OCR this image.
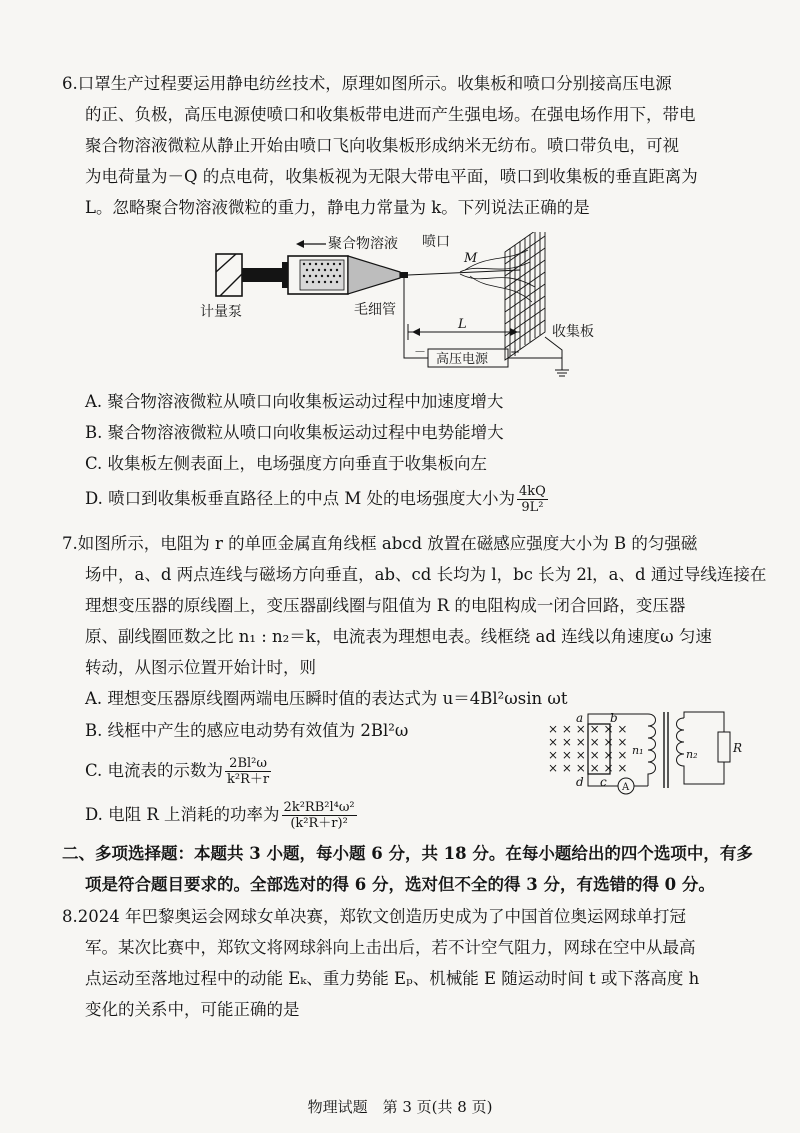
6.口罩生产过程要运用静电纺丝技术，原理如图所示。收集板和喷口分别接高压电源
的正、负极，高压电源使喷口和收集板带电进而产生强电场。在强电场作用下，带电
聚合物溶液微粒从静止开始由喷口飞向收集板形成纳米无纺布。喷口带负电，可视
为电荷量为－Q 的点电荷，收集板视为无限大带电平面，喷口到收集板的垂直距离为
L。忽略聚合物溶液微粒的重力，静电力常量为 k。下列说法正确的是
计量泵
聚合物溶液 喷口
毛细管
M
L	收集板
高压电源
－	+
A. 聚合物溶液微粒从喷口向收集板运动过程中加速度增大
B. 聚合物溶液微粒从喷口向收集板运动过程中电势能增大
C. 收集板左侧表面上，电场强度方向垂直于收集板向左
D. 喷口到收集板垂直路径上的中点 M 处的电场强度大小为 $\frac{4kQ}{\text{9L²}}$
7.如图所示，电阻为 r 的单匝金属直角线框 abcd 放置在磁感应强度大小为 B 的匀强磁
场中，a、d 两点连线与磁场方向垂直，ab、cd 长均为 l，bc 长为 2l，a、d 通过导线连接在
理想变压器的原线圈上，变压器副线圈与阻值为 R 的电阻构成一闭合回路，变压器
原、副线圈匝数之比 n₁ : n₂＝k，电流表为理想电表。线框绕 ad 连线以角速度ω 匀速
转动，从图示位置开始计时，则
A. 理想变压器原线圈两端电压瞬时值的表达式为 u＝4Bl²ωsin ωt
B. 线框中产生的感应电动势有效值为 2Bl²ω
C. 电流表的示数为 $\frac{\text{2Bl²ω}}{\text{k²R＋r}}$
D. 电阻 R 上消耗的功率为 $\frac{\text{2k²RB²l⁴ω²}}{\text{(k²R＋r)²}}$
× × × × × ×
× × × × × ×
× × × × × ×
× × × × × ×
a b
c
d	A
n₁	n₂	R
二、多项选择题：本题共 3 小题，每小题 6 分，共 18 分。在每小题给出的四个选项中，有多
项是符合题目要求的。全部选对的得 6 分，选对但不全的得 3 分，有选错的得 0 分。
8.2024 年巴黎奥运会网球女单决赛，郑钦文创造历史成为了中国首位奥运网球单打冠
军。某次比赛中，郑钦文将网球斜向上击出后，若不计空气阻力，网球在空中从最高
点运动至落地过程中的动能 Eₖ、重力势能 Eₚ、机械能 E 随运动时间 t 或下落高度 h
变化的关系中，可能正确的是
物理试题　第 3 页(共 8 页)
